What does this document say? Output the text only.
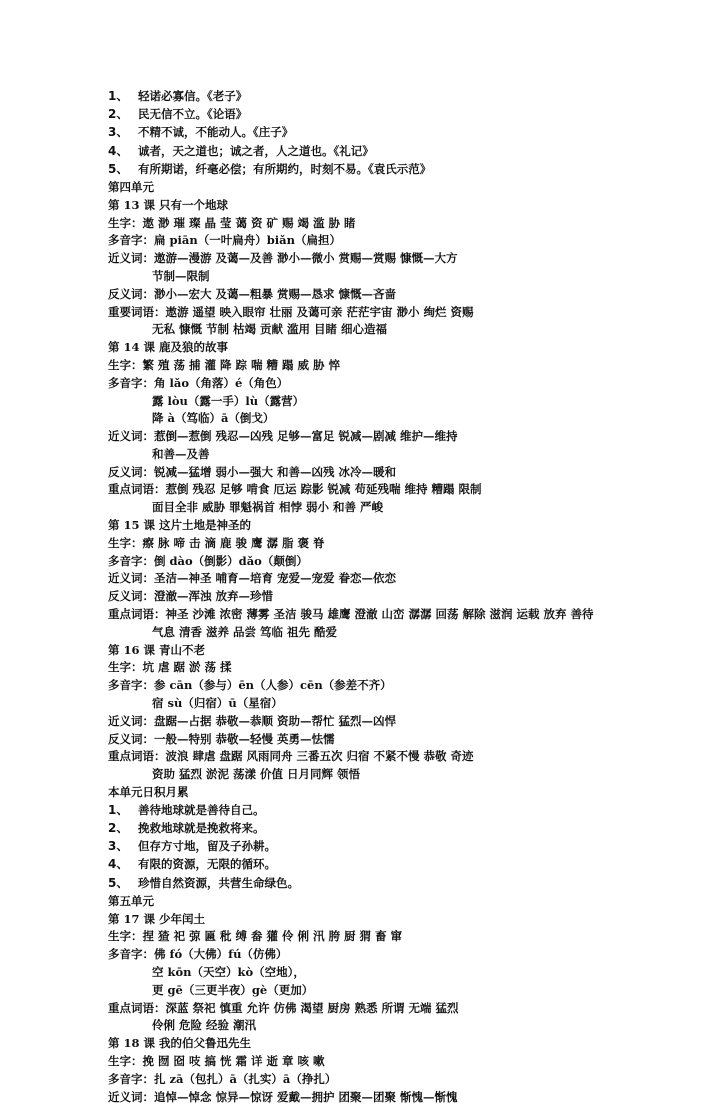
1、 轻诺必寡信。《老子》
2、 民无信不立。《论语》
3、 不精不诚，不能动人。《庄子》
4、 诚者，天之道也；诚之者，人之道也。《礼记》
5、 有所期诺，纤毫必偿；有所期约，时刻不易。《袁氏示范》
第四单元
第 13 课 只有一个地球
生字：遨 渺 璀 璨 晶 莹 蔼 资 矿 赐 竭 滥 胁 睹
多音字：扁 piān（一叶扁舟）biǎn（扁担）
近义词：遨游—漫游 及蔼—及善 渺小—微小 赏赐—赏赐 慷慨—大方
节制—限制
反义词：渺小—宏大 及蔼—粗暴 赏赐—恳求 慷慨—吝啬
重要词语：遨游 遥望 映入眼帘 壮丽 及蔼可亲 茫茫宇宙 渺小 绚烂 资赐
无私 慷慨 节制 枯竭 贡献 滥用 目睹 细心造福
第 14 课 鹿及狼的故事
生字：繁 殖 荡 捕 灌 降 踪 喘 糟 蹋 威 胁 悴
多音字：角 lǎo（角落）é（角色）
露 lòu（露一手）lù（露营）
降 à（笃临）ā（倒戈）
近义词：惹倒—惹倒 残忍—凶残 足够—富足 锐减—剧减 维护—维持
和善—及善
反义词：锐减—猛增 弱小—强大 和善—凶残 冰冷—暖和
重点词语：惹倒 残忍 足够 啃食 厄运 踪影 锐减 苟延残喘 维持 糟蹋 限制
面目全非 威胁 罪魁祸首 相悖 弱小 和善 严峻
第 15 课 这片土地是神圣的
生字：瘵 脉 啼 击 滴 鹿 骏 鹰 潺 脂 褒 脊
多音字：倒 dào（倒影）dǎo（颠倒）
近义词：圣洁—神圣 哺育—培育 宠爱—宠爱 眷恋—依恋
反义词：澄澈—浑浊 放弃—珍惜
重点词语：神圣 沙滩 浓密 薄雾 圣洁 骏马 雄鹰 澄澈 山峦 潺潺 回荡 解除 滋润 运载 放弃 善待
气息 清香 滋养 品尝 笃临 祖先 酷爱
第 16 课 青山不老
生字：坑 虐 踞 淤 荡 揉
多音字：参 cān（参与）ēn（人参）cēn（参差不齐）
宿 sù（归宿）ū（星宿）
近义词：盘踞—占据 恭敬—恭顺 资助—帮忙 猛烈—凶悍
反义词：一般—特别 恭敬—轻慢 英勇—怯懦
重点词语：波浪 肆虐 盘踞 风雨同舟 三番五次 归宿 不紧不慢 恭敬 奇迹
资助 猛烈 淤泥 荡漾 价值 日月同辉 领悟
本单元日积月累
1、 善待地球就是善待自己。
2、 挽救地球就是挽救将来。
3、 但存方寸地，留及子孙耕。
4、 有限的资源，无限的循环。
5、 珍惜自然资源，共营生命绿色。
第五单元
第 17 课 少年闰土
生字：捏 猹 祀 弶 匾 秕 缚 畚 獾 伶 俐 汛 胯 厨 猬 畜 窜
多音字：佛 fó（大佛）fú（仿佛）
空 kōn（天空）kò（空地），
更 gē（三更半夜）gè（更加）
重点词语：深蓝 祭祀 慎重 允许 仿佛 渴望 厨房 熟悉 所谓 无端 猛烈
伶俐 危险 经验 潮汛
第 18 课 我的伯父鲁迅先生
生字：挽 囫 囵 吱 搞 恍 霜 详 逝 章 咳 嗽
多音字：扎 zā（包扎）ā（扎实）ā（挣扎）
近义词：追悼—悼念 惊异—惊讶 爱戴—拥护 团聚—团聚 惭愧—惭愧
